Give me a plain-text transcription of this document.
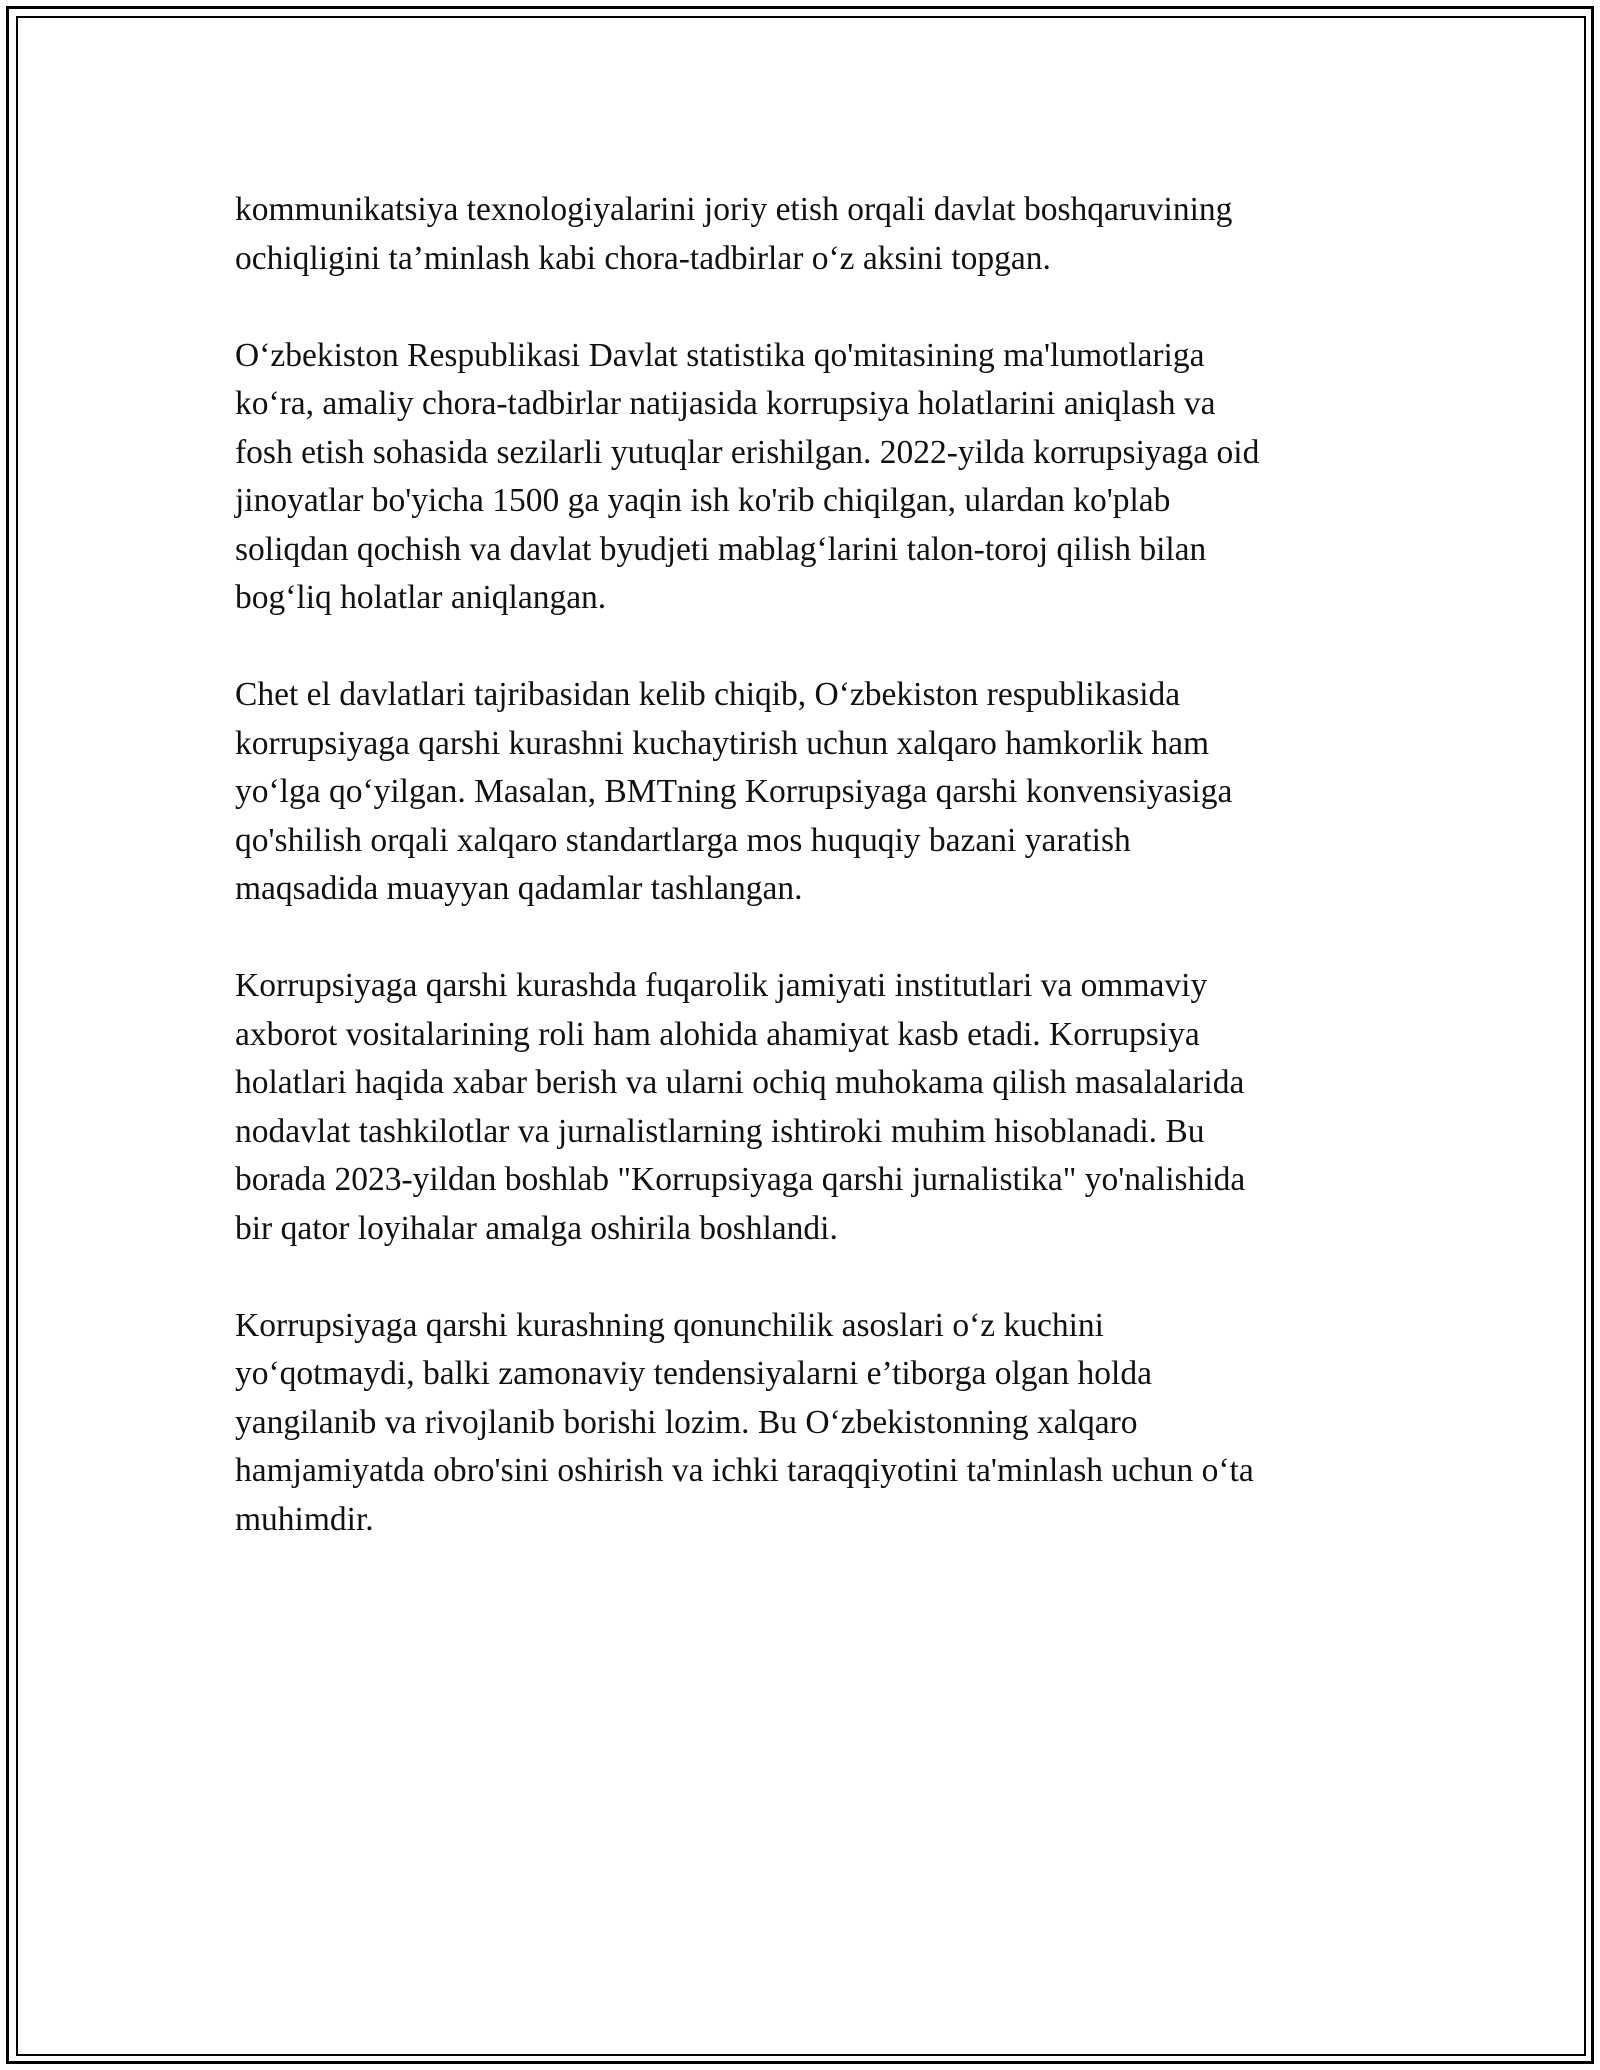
kommunikatsiya texnologiyalarini joriy etish orqali davlat boshqaruvining
ochiqligini ta’minlash kabi chora-tadbirlar o‘z aksini topgan.

O‘zbekiston Respublikasi Davlat statistika qo'mitasining ma'lumotlariga
ko‘ra, amaliy chora-tadbirlar natijasida korrupsiya holatlarini aniqlash va
fosh etish sohasida sezilarli yutuqlar erishilgan. 2022-yilda korrupsiyaga oid
jinoyatlar bo'yicha 1500 ga yaqin ish ko'rib chiqilgan, ulardan ko'plab
soliqdan qochish va davlat byudjeti mablag‘larini talon-toroj qilish bilan
bog‘liq holatlar aniqlangan.

Chet el davlatlari tajribasidan kelib chiqib, O‘zbekiston respublikasida
korrupsiyaga qarshi kurashni kuchaytirish uchun xalqaro hamkorlik ham
yo‘lga qo‘yilgan. Masalan, BMTning Korrupsiyaga qarshi konvensiyasiga
qo'shilish orqali xalqaro standartlarga mos huquqiy bazani yaratish
maqsadida muayyan qadamlar tashlangan.

Korrupsiyaga qarshi kurashda fuqarolik jamiyati institutlari va ommaviy
axborot vositalarining roli ham alohida ahamiyat kasb etadi. Korrupsiya
holatlari haqida xabar berish va ularni ochiq muhokama qilish masalalarida
nodavlat tashkilotlar va jurnalistlarning ishtiroki muhim hisoblanadi. Bu
borada 2023-yildan boshlab "Korrupsiyaga qarshi jurnalistika" yo'nalishida
bir qator loyihalar amalga oshirila boshlandi.

Korrupsiyaga qarshi kurashning qonunchilik asoslari o‘z kuchini
yo‘qotmaydi, balki zamonaviy tendensiyalarni e’tiborga olgan holda
yangilanib va rivojlanib borishi lozim. Bu O‘zbekistonning xalqaro
hamjamiyatda obro'sini oshirish va ichki taraqqiyotini ta'minlash uchun o‘ta
muhimdir.
